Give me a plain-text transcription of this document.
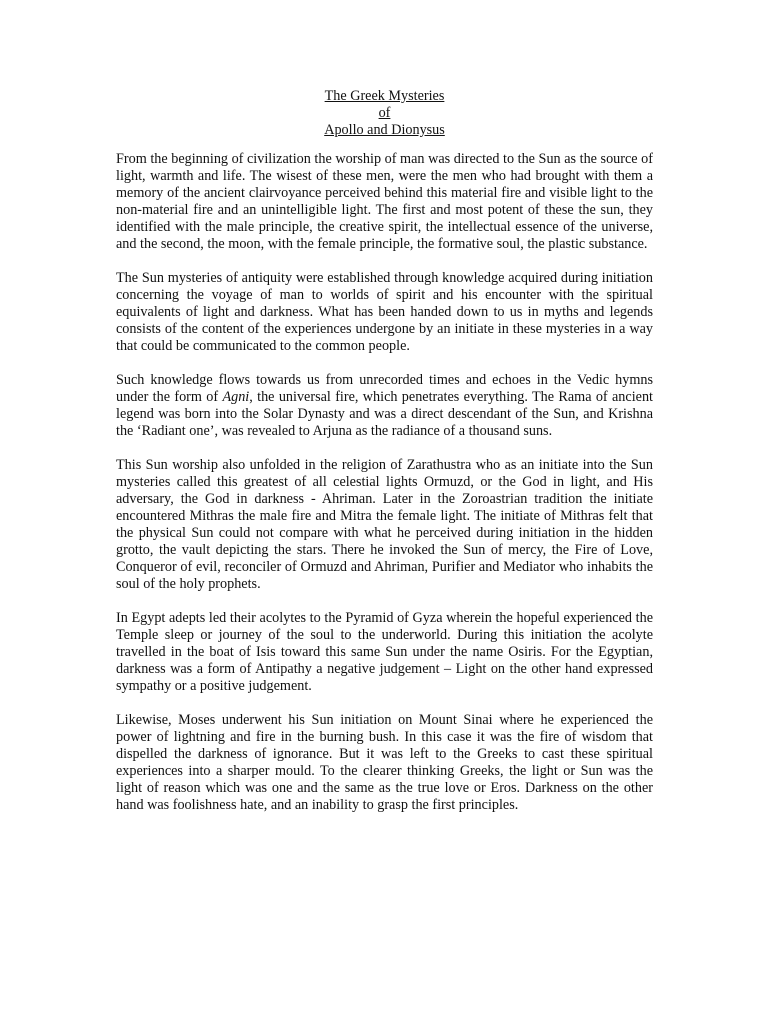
The Greek Mysteries
of
Apollo and Dionysus

From the beginning of civilization the worship of man was directed to the Sun as the source of light, warmth and life. The wisest of these men, were the men who had brought with them a memory of the ancient clairvoyance perceived behind this material fire and visible light to the non-material fire and an unintelligible light. The first and most potent of these the sun, they identified with the male principle, the creative spirit, the intellectual essence of the universe, and the second, the moon, with the female principle, the formative soul, the plastic substance.

The Sun mysteries of antiquity were established through knowledge acquired during initiation concerning the voyage of man to worlds of spirit and his encounter with the spiritual equivalents of light and darkness. What has been handed down to us in myths and legends consists of the content of the experiences undergone by an initiate in these mysteries in a way that could be communicated to the common people.

Such knowledge flows towards us from unrecorded times and echoes in the Vedic hymns under the form of Agni, the universal fire, which penetrates everything. The Rama of ancient legend was born into the Solar Dynasty and was a direct descendant of the Sun, and Krishna the ‘Radiant one’, was revealed to Arjuna as the radiance of a thousand suns.

This Sun worship also unfolded in the religion of Zarathustra who as an initiate into the Sun mysteries called this greatest of all celestial lights Ormuzd, or the God in light, and His adversary, the God in darkness - Ahriman. Later in the Zoroastrian tradition the initiate encountered Mithras the male fire and Mitra the female light. The initiate of Mithras felt that the physical Sun could not compare with what he perceived during initiation in the hidden grotto, the vault depicting the stars. There he invoked the Sun of mercy, the Fire of Love, Conqueror of evil, reconciler of Ormuzd and Ahriman, Purifier and Mediator who inhabits the soul of the holy prophets.

In Egypt adepts led their acolytes to the Pyramid of Gyza wherein the hopeful experienced the Temple sleep or journey of the soul to the underworld. During this initiation the acolyte travelled in the boat of Isis toward this same Sun under the name Osiris. For the Egyptian, darkness was a form of Antipathy a negative judgement – Light on the other hand expressed sympathy or a positive judgement.

Likewise, Moses underwent his Sun initiation on Mount Sinai where he experienced the power of lightning and fire in the burning bush. In this case it was the fire of wisdom that dispelled the darkness of ignorance. But it was left to the Greeks to cast these spiritual experiences into a sharper mould. To the clearer thinking Greeks, the light or Sun was the light of reason which was one and the same as the true love or Eros. Darkness on the other hand was foolishness hate, and an inability to grasp the first principles.
